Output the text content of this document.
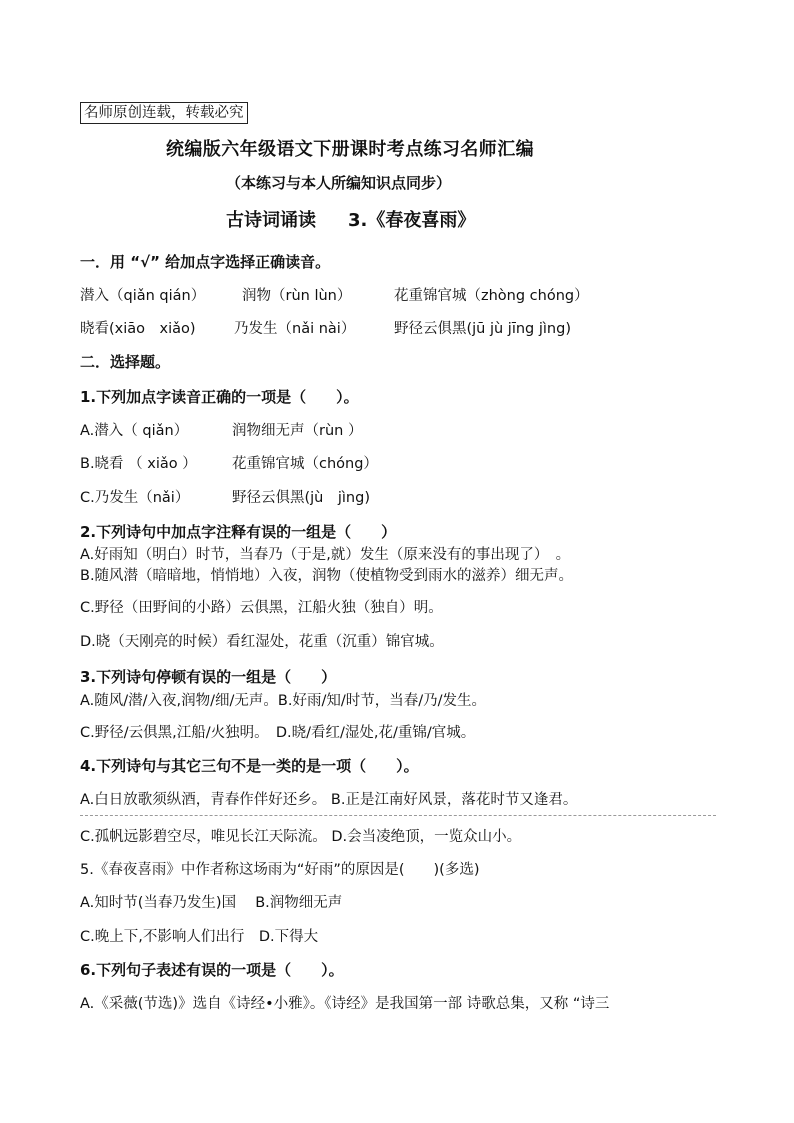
名师原创连载，转载必究
统编版六年级语文下册课时考点练习名师汇编
（本练习与本人所编知识点同步）
古诗词诵读 3.《春夜喜雨》
一．用 “√” 给加点字选择正确读音。
潜入（qiǎn qián）	润物（rùn lùn）	花重锦官城（zhòng chóng）
晓看(xiāo　xiǎo)	乃发生（nǎi nài）	野径云俱黑(jū jù jīng jìng)
二．选择题。
1.下列加点字读音正确的一项是（　　）。
A.潜入（ qiǎn）	润物细无声（rùn ）
B.晓看 （ xiǎo ） 花重锦官城（chóng）
C.乃发生（nǎi）	野径云俱黑(jù　jìng)
2.下列诗句中加点字注释有误的一组是（　　）
A.好雨知（明白）时节，当春乃（于是,就）发生（原来没有的事出现了）　。
B.随风潜（暗暗地，悄悄地）入夜，润物（使植物受到雨水的滋养）细无声。
C.野径（田野间的小路）云俱黑，江船火独（独自）明。
D.晓（天刚亮的时候）看红湿处，花重（沉重）锦官城。
3.下列诗句停顿有误的一组是（　　）
A.随风/潜/入夜,润物/细/无声。B.好雨/知/时节，当春/乃/发生。
C.野径/云俱黑,江船/火独明。　D.晓/看红/湿处,花/重锦/官城。
4.下列诗句与其它三句不是一类的是一项（　　）。
A.白日放歌须纵酒，青春作伴好还乡。 B.正是江南好风景，落花时节又逢君。
C.孤帆远影碧空尽，唯见长江天际流。 D.会当凌绝顶，一览众山小。
5.《春夜喜雨》中作者称这场雨为“好雨”的原因是(　　)(多选)
A.知时节(当春乃发生)国　 B.润物细无声
C.晚上下,不影响人们出行　D.下得大
6.下列句子表述有误的一项是（　　）。
A.《采薇(节选)》选自《诗经•小雅》。《诗经》是我国第一部 诗歌总集，又称 “诗三
